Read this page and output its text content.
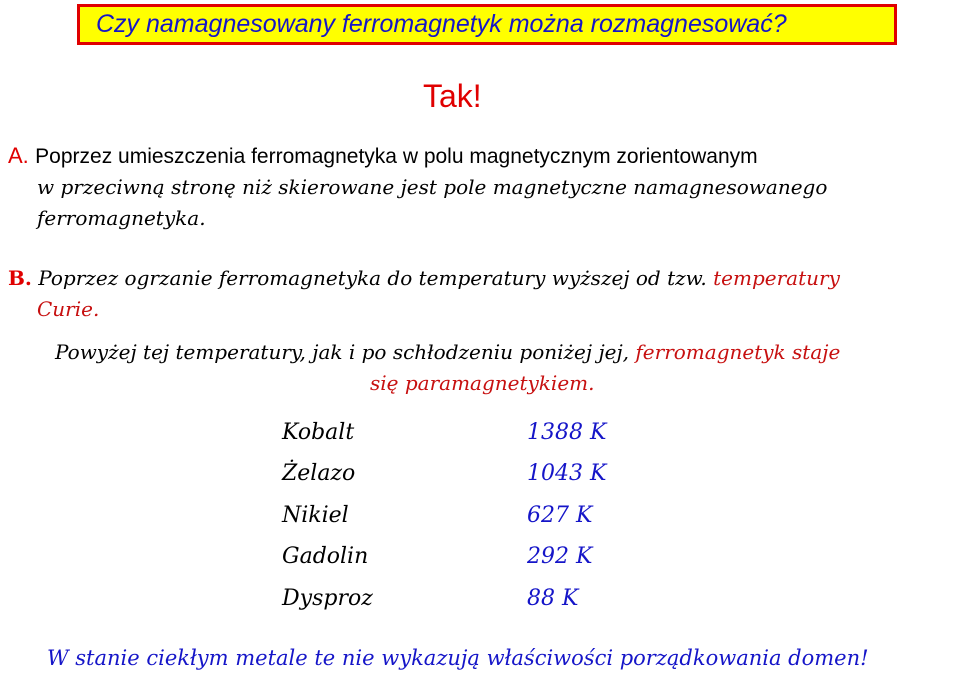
Czy namagnesowany ferromagnetyk można rozmagnesować?
Tak!
A. Poprzez umieszczenia ferromagnetyka w polu magnetycznym zorientowanym
w przeciwną stronę niż skierowane jest pole magnetyczne namagnesowanego
ferromagnetyka.
B. Poprzez ogrzanie ferromagnetyka do temperatury wyższej od tzw. temperatury
Curie.
Powyżej tej temperatury, jak i po schłodzeniu poniżej jej, ferromagnetyk staje
się paramagnetykiem.
Kobalt	1388 K
Żelazo	1043 K
Nikiel	627 K
Gadolin	292 K
Dysproz	88 K
W stanie ciekłym metale te nie wykazują właściwości porządkowania domen!
